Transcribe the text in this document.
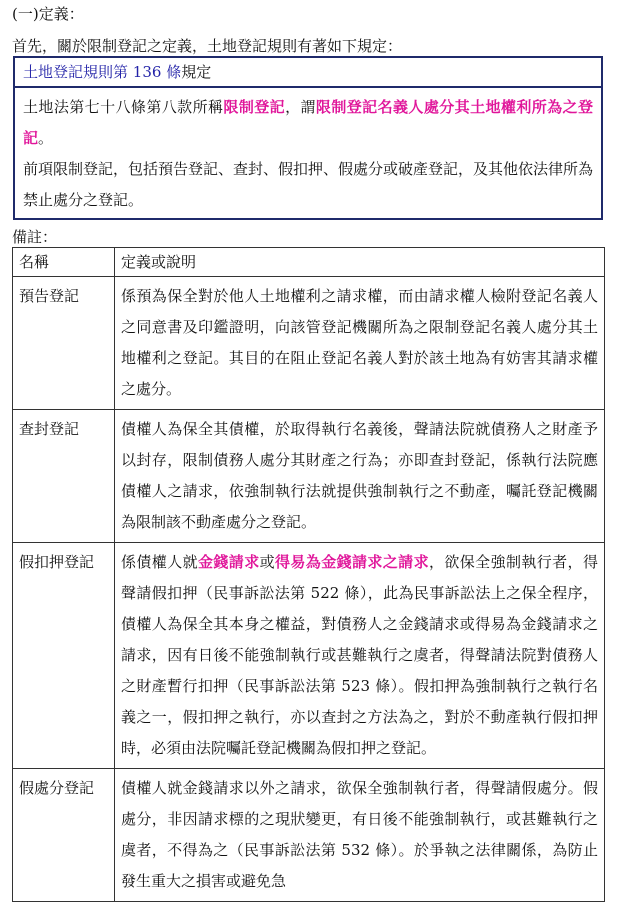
(一)定義：
首先，關於限制登記之定義，土地登記規則有著如下規定：
土地登記規則第 136 條規定
土地法第七十八條第八款所稱限制登記，謂限制登記名義人處分其土地權利所為之登記。
前項限制登記，包括預告登記、查封、假扣押、假處分或破產登記，及其他依法律所為禁止處分之登記。
備註：
名稱	定義或說明
預告登記	係預為保全對於他人土地權利之請求權，而由請求權人檢附登記名義人之同意書及印鑑證明，向該管登記機關所為之限制登記名義人處分其土地權利之登記。其目的在阻止登記名義人對於該土地為有妨害其請求權之處分。
查封登記	債權人為保全其債權，於取得執行名義後，聲請法院就債務人之財產予以封存，限制債務人處分其財產之行為；亦即查封登記，係執行法院應債權人之請求，依強制執行法就提供強制執行之不動產，囑託登記機關為限制該不動產處分之登記。
假扣押登記	係債權人就金錢請求或得易為金錢請求之請求，欲保全強制執行者，得聲請假扣押（民事訴訟法第 522 條），此為民事訴訟法上之保全程序，債權人為保全其本身之權益，對債務人之金錢請求或得易為金錢請求之請求，因有日後不能強制執行或甚難執行之虞者，得聲請法院對債務人之財產暫行扣押（民事訴訟法第 523 條）。假扣押為強制執行之執行名義之一，假扣押之執行，亦以查封之方法為之，對於不動產執行假扣押時，必須由法院囑託登記機關為假扣押之登記。
假處分登記	債權人就金錢請求以外之請求，欲保全強制執行者，得聲請假處分。假處分，非因請求標的之現狀變更，有日後不能強制執行，或甚難執行之虞者，不得為之（民事訴訟法第 532 條）。於爭執之法律關係，為防止發生重大之損害或避免急
